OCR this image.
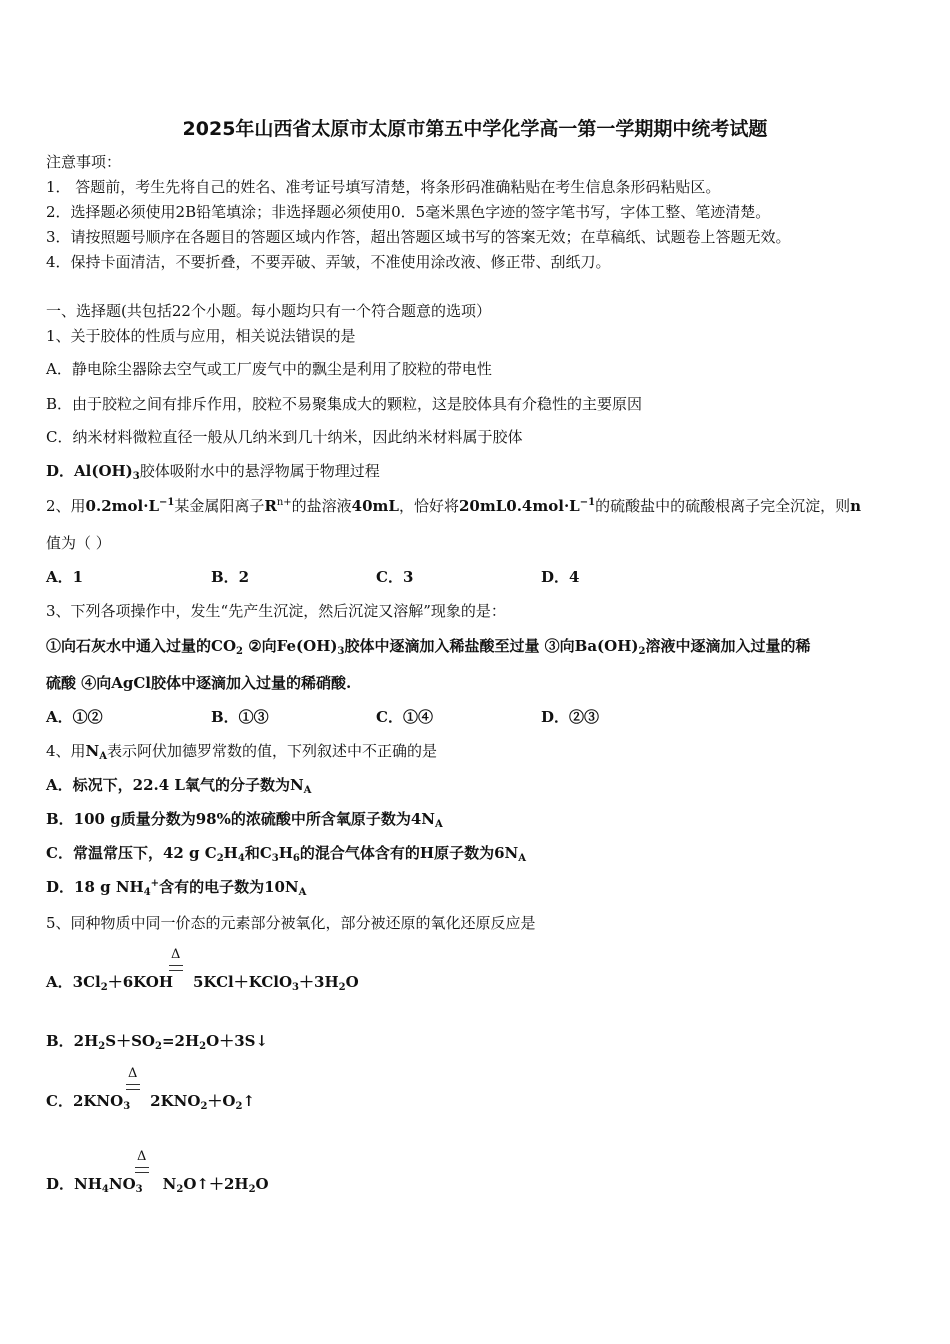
2025年山西省太原市太原市第五中学化学高一第一学期期中统考试题
注意事项：
1． 答题前，考生先将自己的姓名、准考证号填写清楚，将条形码准确粘贴在考生信息条形码粘贴区。
2．选择题必须使用2B铅笔填涂；非选择题必须使用0．5毫米黑色字迹的签字笔书写，字体工整、笔迹清楚。
3．请按照题号顺序在各题目的答题区域内作答，超出答题区域书写的答案无效；在草稿纸、试题卷上答题无效。
4．保持卡面清洁，不要折叠，不要弄破、弄皱，不准使用涂改液、修正带、刮纸刀。
一、选择题(共包括22个小题。每小题均只有一个符合题意的选项）
1、关于胶体的性质与应用，相关说法错误的是
A．静电除尘器除去空气或工厂废气中的飘尘是利用了胶粒的带电性
B．由于胶粒之间有排斥作用，胶粒不易聚集成大的颗粒，这是胶体具有介稳性的主要原因
C．纳米材料微粒直径一般从几纳米到几十纳米，因此纳米材料属于胶体
D．$Al(OH)_3$胶体吸附水中的悬浮物属于物理过程
2、用$0.2mol\cdot L^{-1}$某金属阳离子$R^{n+}$的盐溶液40mL，恰好将$20mL0.4mol\cdot L^{-1}$的硫酸盐中的硫酸根离子完全沉淀，则n
值为（ ）
A．1	B．2	C．3	D．4
3、下列各项操作中，发生“先产生沉淀，然后沉淀又溶解”现象的是：
①向石灰水中通入过量的$CO_2$ ②向$Fe(OH)_3$胶体中逐滴加入稀盐酸至过量 ③向$Ba(OH)_2$溶液中逐滴加入过量的稀
硫酸 ④向AgCl胶体中逐滴加入过量的稀硝酸.
A．①②	B．①③	C．①④	D．②③
4、用$N_A$表示阿伏加德罗常数的值，下列叙述中不正确的是
A．标况下，22.4 L氧气的分子数为$N_A$
B．100 g质量分数为98%的浓硫酸中所含氧原子数为$4N_A$
C．常温常压下，42 g $C_2H_4$和$C_3H_6$的混合气体含有的H原子数为$6N_A$
D．18 g $NH_4^+$含有的电子数为$10N_A$
5、同种物质中同一价态的元素部分被氧化，部分被还原的氧化还原反应是
Δ
A．$3Cl_2+6KOH$ $5KCl+KClO_3+3H_2O$
B．$2H_2S+SO_2=2H_2O+3S↓$
Δ
C．$2KNO_3$ $2KNO_2+O_2↑$
Δ
D．$NH_4NO_3$ $N_2O↑+2H_2O$
